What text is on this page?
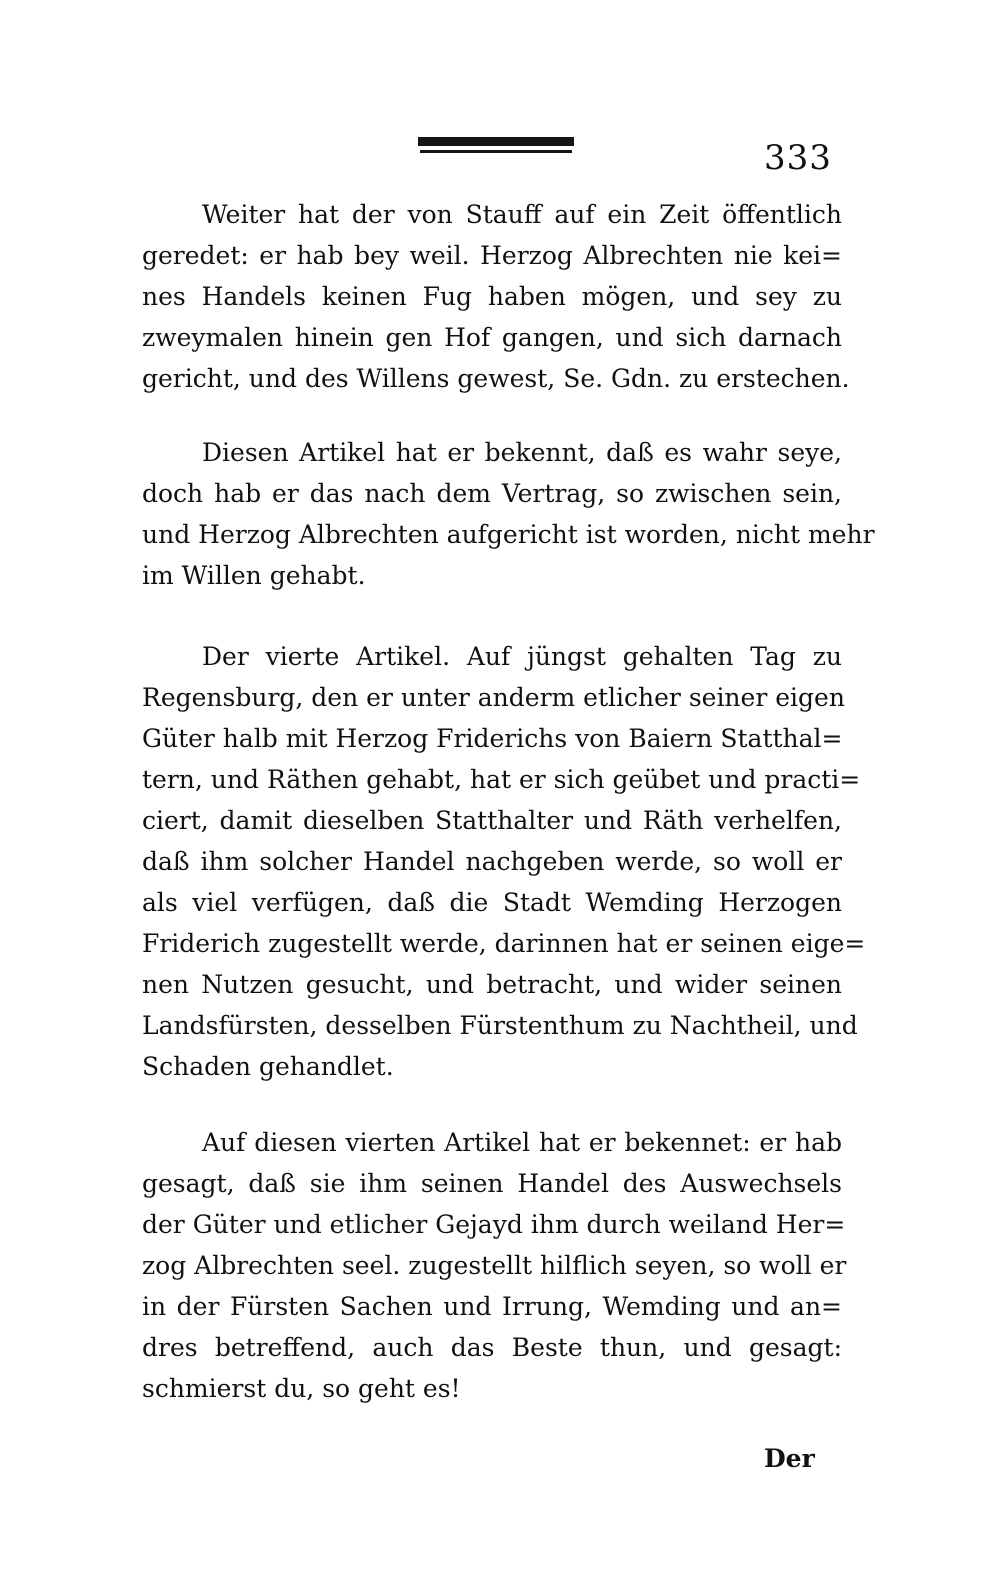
333
Weiter hat der von Stauff auf ein Zeit öffentlich
geredet: er hab bey weil. Herzog Albrechten nie kei=
nes Handels keinen Fug haben mögen, und sey zu
zweymalen hinein gen Hof gangen, und sich darnach
gericht, und des Willens gewest, Se. Gdn. zu erstechen.
Diesen Artikel hat er bekennt, daß es wahr seye,
doch hab er das nach dem Vertrag, so zwischen sein,
und Herzog Albrechten aufgericht ist worden, nicht mehr
im Willen gehabt.
Der vierte Artikel. Auf jüngst gehalten Tag zu
Regensburg, den er unter anderm etlicher seiner eigen
Güter halb mit Herzog Friderichs von Baiern Statthal=
tern, und Räthen gehabt, hat er sich geübet und practi=
ciert, damit dieselben Statthalter und Räth verhelfen,
daß ihm solcher Handel nachgeben werde, so woll er
als viel verfügen, daß die Stadt Wemding Herzogen
Friderich zugestellt werde, darinnen hat er seinen eige=
nen Nutzen gesucht, und betracht, und wider seinen
Landsfürsten, desselben Fürstenthum zu Nachtheil, und
Schaden gehandlet.
Auf diesen vierten Artikel hat er bekennet: er hab
gesagt, daß sie ihm seinen Handel des Auswechsels
der Güter und etlicher Gejayd ihm durch weiland Her=
zog Albrechten seel. zugestellt hilflich seyen, so woll er
in der Fürsten Sachen und Irrung, Wemding und an=
dres betreffend, auch das Beste thun, und gesagt:
schmierst du, so geht es!
Der
